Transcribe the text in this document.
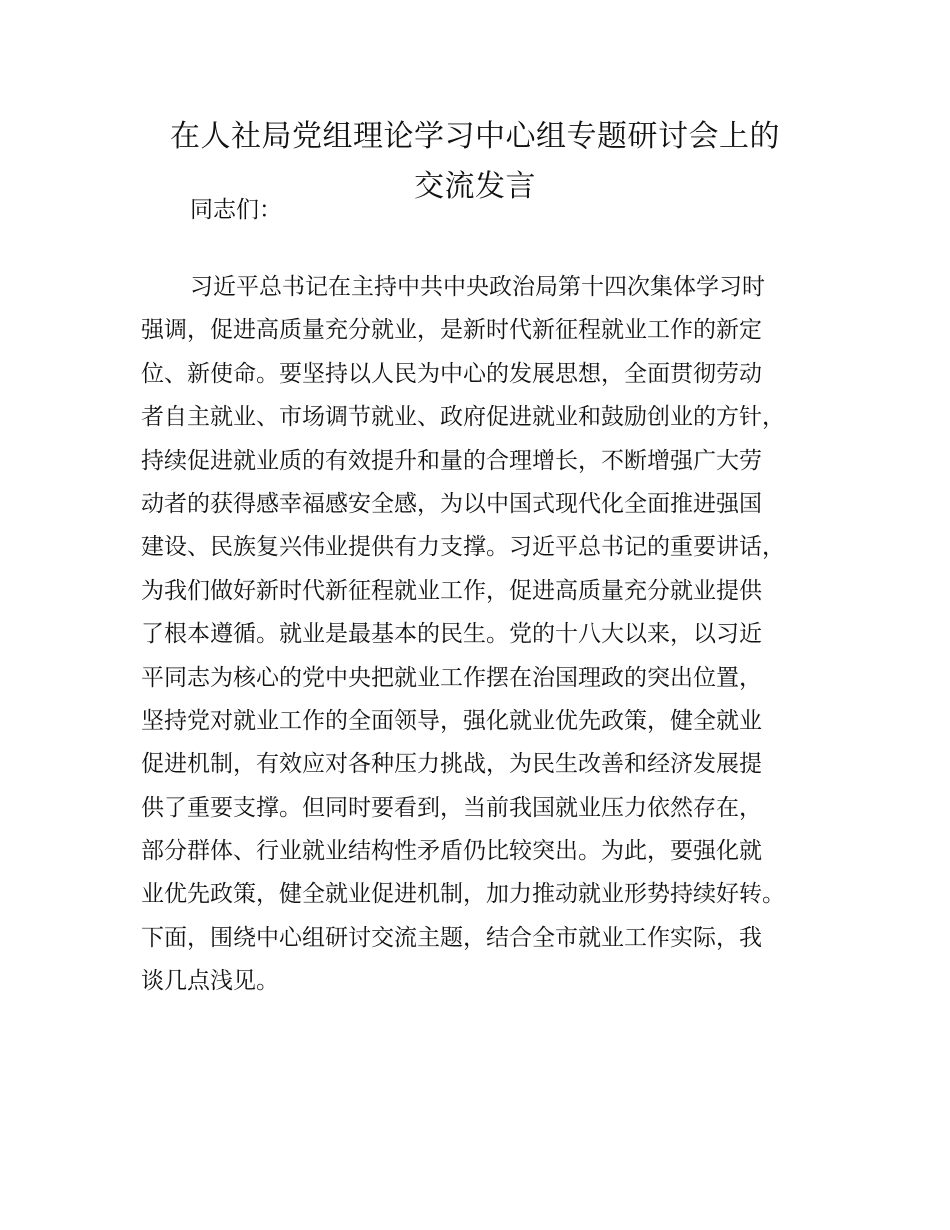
在人社局党组理论学习中心组专题研讨会上的
交流发言
同志们：
习近平总书记在主持中共中央政治局第十四次集体学习时
强调，促进高质量充分就业，是新时代新征程就业工作的新定
位、新使命。要坚持以人民为中心的发展思想，全面贯彻劳动
者自主就业、市场调节就业、政府促进就业和鼓励创业的方针，
持续促进就业质的有效提升和量的合理增长，不断增强广大劳
动者的获得感幸福感安全感，为以中国式现代化全面推进强国
建设、民族复兴伟业提供有力支撑。习近平总书记的重要讲话，
为我们做好新时代新征程就业工作，促进高质量充分就业提供
了根本遵循。就业是最基本的民生。党的十八大以来，以习近
平同志为核心的党中央把就业工作摆在治国理政的突出位置，
坚持党对就业工作的全面领导，强化就业优先政策，健全就业
促进机制，有效应对各种压力挑战，为民生改善和经济发展提
供了重要支撑。但同时要看到，当前我国就业压力依然存在，
部分群体、行业就业结构性矛盾仍比较突出。为此，要强化就
业优先政策，健全就业促进机制，加力推动就业形势持续好转。
下面，围绕中心组研讨交流主题，结合全市就业工作实际，我
谈几点浅见。
